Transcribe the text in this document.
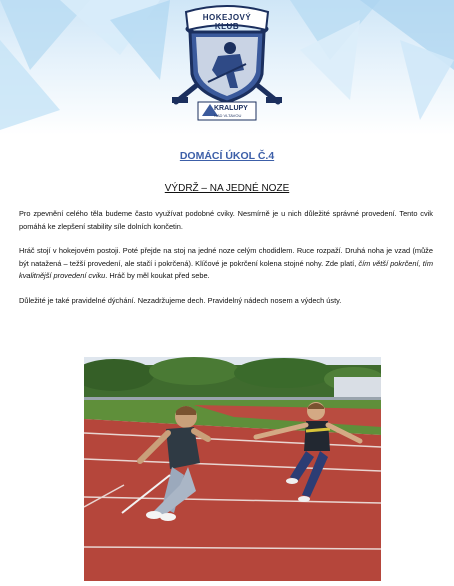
HOKEJOVÝ
KLUB
KRALUPY
NAD VLTAVOU
DOMÁCÍ ÚKOL Č.4
VÝDRŽ – NA JEDNÉ NOZE

Pro zpevnění celého těla budeme často využívat podobné cviky. Nesmírně je u nich důležité správné provedení. Tento cvik pomáhá ke zlepšení stability síle dolních končetin.

Hráč stojí v hokejovém postoji. Poté přejde na stoj na jedné noze celým chodidlem. Ruce rozpaží. Druhá noha je vzad (může být natažená – težší provedení, ale stačí i pokrčená). Klíčové je pokrčení kolena stojné nohy. Zde platí, čím větší pokrčení, tím kvalitnější provedení cviku. Hráč by měl koukat před sebe.

Důležité je také pravidelné dýchání. Nezadržujeme dech. Pravidelný nádech nosem a výdech ústy.
